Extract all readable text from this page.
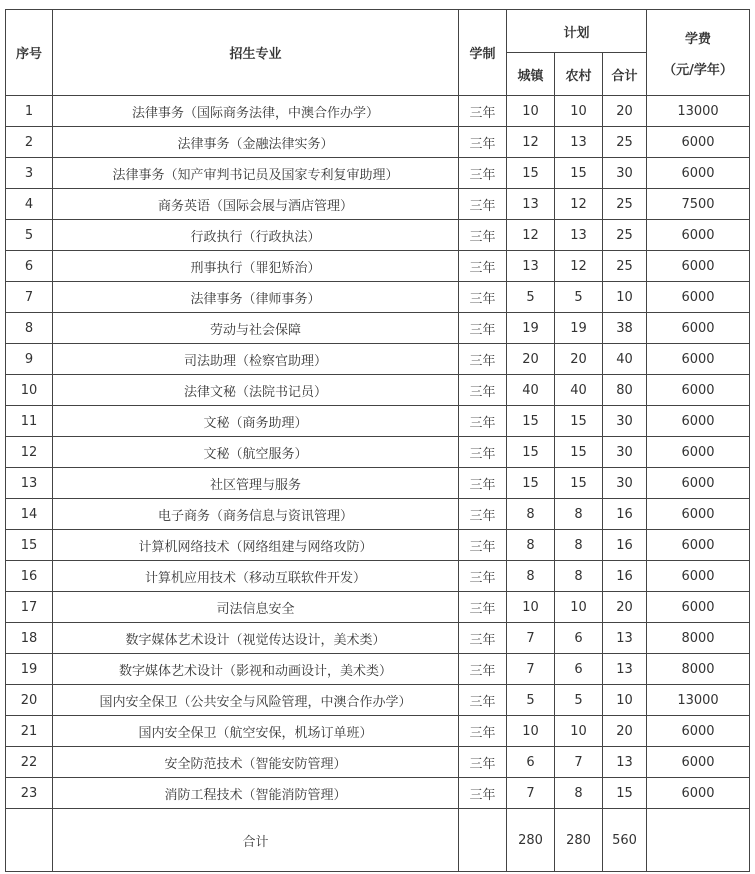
序号	招生专业	学制	计划			学费
（元/学年）

			城镇	农村	合计	
1	法律事务（国际商务法律，中澳合作办学）	三年	10	10	20	13000
2	法律事务（金融法律实务）	三年	12	13	25	6000
3	法律事务（知产审判书记员及国家专利复审助理）	三年	15	15	30	6000
4	商务英语（国际会展与酒店管理）	三年	13	12	25	7500
5	行政执行（行政执法）	三年	12	13	25	6000
6	刑事执行（罪犯矫治）	三年	13	12	25	6000
7	法律事务（律师事务）	三年	5	5	10	6000
8	劳动与社会保障	三年	19	19	38	6000
9	司法助理（检察官助理）	三年	20	20	40	6000
10	法律文秘（法院书记员）	三年	40	40	80	6000
11	文秘（商务助理）	三年	15	15	30	6000
12	文秘（航空服务）	三年	15	15	30	6000
13	社区管理与服务	三年	15	15	30	6000
14	电子商务（商务信息与资讯管理）	三年	8	8	16	6000
15	计算机网络技术（网络组建与网络攻防）	三年	8	8	16	6000
16	计算机应用技术（移动互联软件开发）	三年	8	8	16	6000
17	司法信息安全	三年	10	10	20	6000
18	数字媒体艺术设计（视觉传达设计，美术类）	三年	7	6	13	8000
19	数字媒体艺术设计（影视和动画设计，美术类）	三年	7	6	13	8000
20	国内安全保卫（公共安全与风险管理，中澳合作办学）	三年	5	5	10	13000
21	国内安全保卫（航空安保，机场订单班）	三年	10	10	20	6000
22	安全防范技术（智能安防管理）	三年	6	7	13	6000
23	消防工程技术（智能消防管理）	三年	7	8	15	6000
	合计		280	280	560	
